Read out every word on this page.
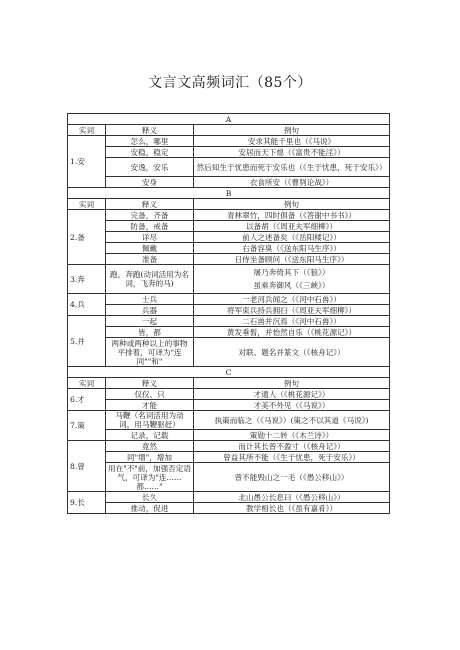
文言文高频词汇（85个）
A		
实词	释义	例句
1.安	怎么，哪里	安求其能千里也（《马说》

	安稳，稳定	安居而天下熄（《富贵不能淫》）

	安逸，安乐	然后知生于忧患而死于安乐也（《生于忧患，死于安乐》）

	安身	衣食所安（《曹刿论战》）

B		
实词	释义	例句
2.备	完备，齐备	青林翠竹，四时俱备（《答谢中书书》）

	防备，戒备	以备胡（《周亚夫军细柳》）

	详尽	前人之述备矣（《岳阳楼记》）

	佩戴	右备容臭（《送东阳马生序》）

	准备	日侍坐备顾问（《送东阳马生序》）

3.奔	跑，奔跑(动词活用为名词，飞奔的马)	屠乃奔倚其下（《狼》）
虽乘奔御风（《三峡》）

4.兵	士兵	一老河兵闻之（《河中石兽》）

	兵器	将军束兵持兵拥扫（《周亚夫军细柳》）

5.并	一起	二石兽并沉焉（《河中石兽》）

	皆，都	黄发垂髫，并怡然自乐（《桃花源记》）

	两种或两种以上的事物平排着，可译为"连同""和"	对联、题名并篆文（《核舟记》）

C		
实词	释义	例句
6.才	仅仅、只	才通人（《桃花源记》）

	才能	才美不外见（《马说》）

7.策	马鞭（名词活用为动词，用马鞭驱赶）	执策而临之（《马说》）(策之不以其道《马说》)

	记录，记载	策勋十二转（《木兰诗》）

8.曾	竟然	而计其长曾不盈寸（《核舟记》）

	同"增"，增加	曾益其所不能（《生于忧患，死于安乐》）

	用在"不"前，加强否定语气，可译为"连……都……"	曾不能毁山之一毛（《愚公移山》）

9.长	长久	北山愚公长息曰（《愚公移山》）

	推动，促进	教学相长也（《虽有嘉肴》）
